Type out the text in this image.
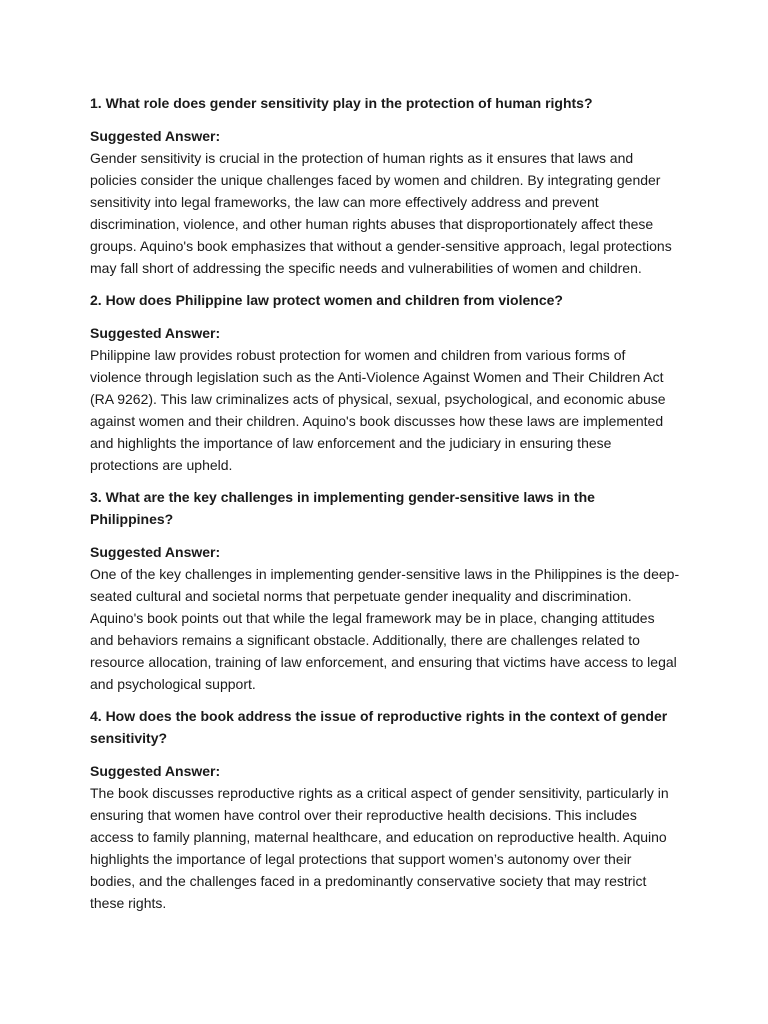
1. What role does gender sensitivity play in the protection of human rights?

Suggested Answer:

Gender sensitivity is crucial in the protection of human rights as it ensures that laws and policies consider the unique challenges faced by women and children. By integrating gender sensitivity into legal frameworks, the law can more effectively address and prevent discrimination, violence, and other human rights abuses that disproportionately affect these groups. Aquino's book emphasizes that without a gender-sensitive approach, legal protections may fall short of addressing the specific needs and vulnerabilities of women and children.

2. How does Philippine law protect women and children from violence?

Suggested Answer:

Philippine law provides robust protection for women and children from various forms of violence through legislation such as the Anti-Violence Against Women and Their Children Act (RA 9262). This law criminalizes acts of physical, sexual, psychological, and economic abuse against women and their children. Aquino's book discusses how these laws are implemented and highlights the importance of law enforcement and the judiciary in ensuring these protections are upheld.

3. What are the key challenges in implementing gender-sensitive laws in the Philippines?

Suggested Answer:

One of the key challenges in implementing gender-sensitive laws in the Philippines is the deep-seated cultural and societal norms that perpetuate gender inequality and discrimination. Aquino's book points out that while the legal framework may be in place, changing attitudes and behaviors remains a significant obstacle. Additionally, there are challenges related to resource allocation, training of law enforcement, and ensuring that victims have access to legal and psychological support.

4. How does the book address the issue of reproductive rights in the context of gender sensitivity?

Suggested Answer:

The book discusses reproductive rights as a critical aspect of gender sensitivity, particularly in ensuring that women have control over their reproductive health decisions. This includes access to family planning, maternal healthcare, and education on reproductive health. Aquino highlights the importance of legal protections that support women’s autonomy over their bodies, and the challenges faced in a predominantly conservative society that may restrict these rights.
